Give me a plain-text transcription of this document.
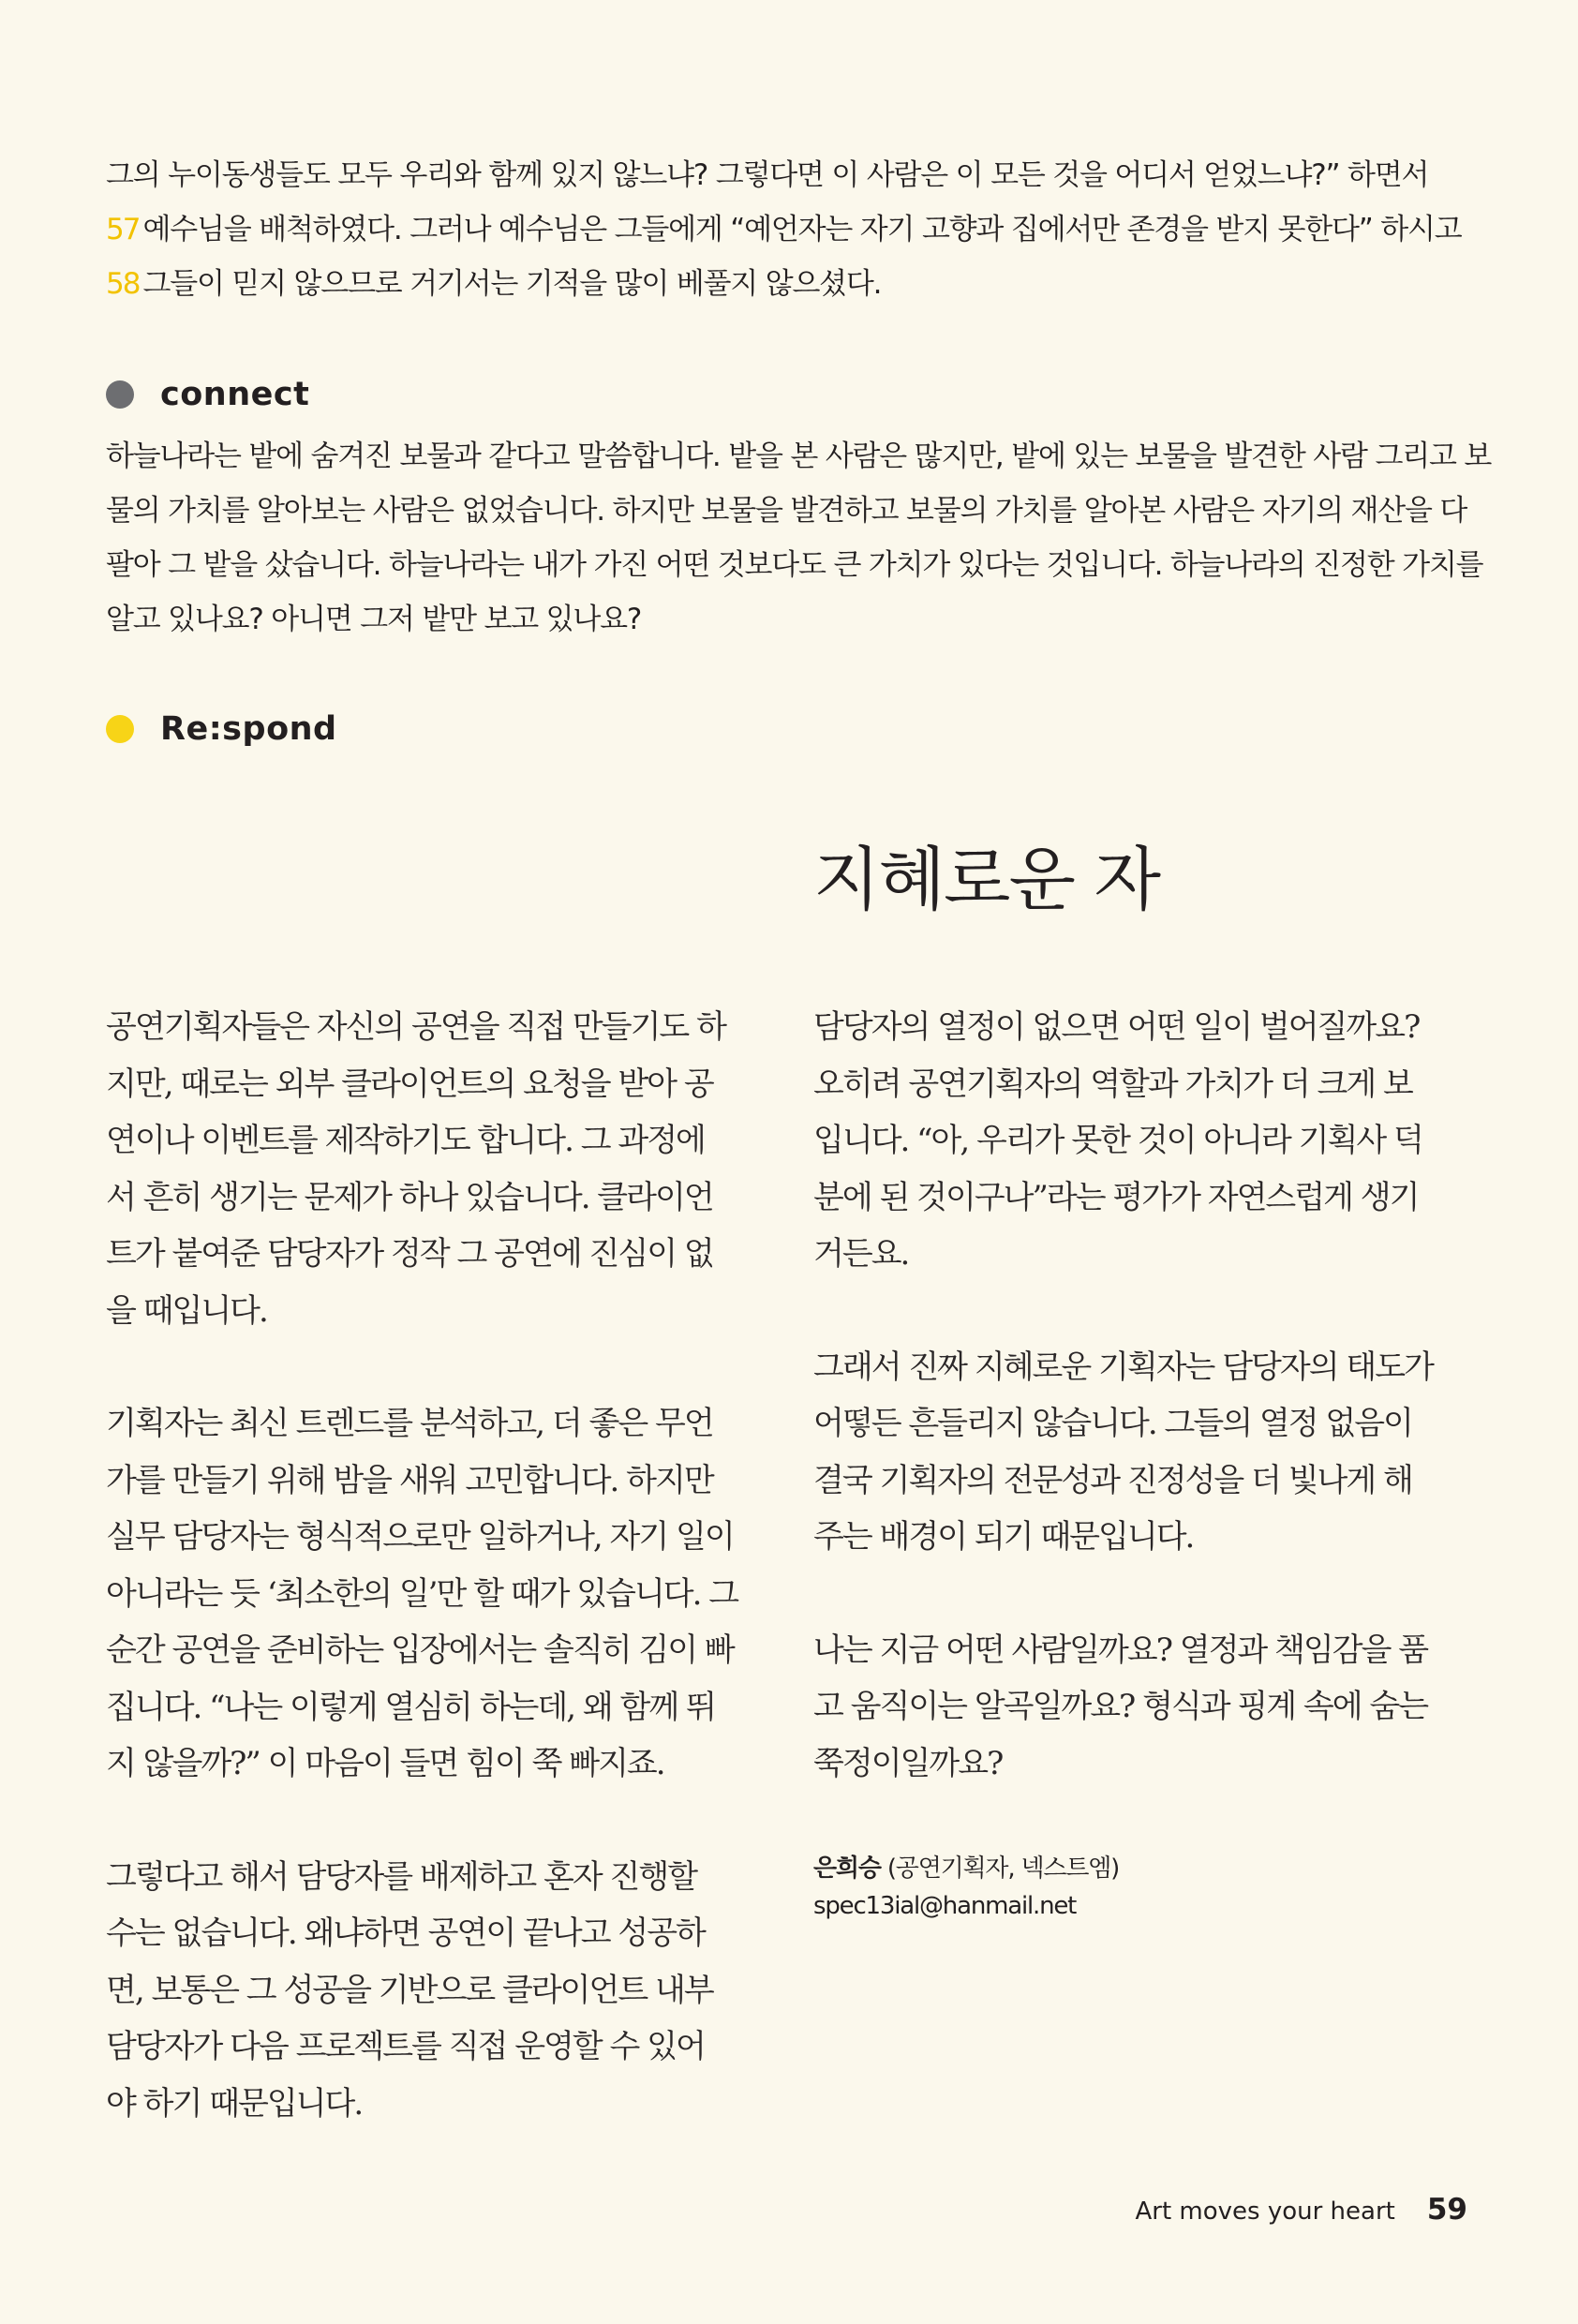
그의 누이동생들도 모두 우리와 함께 있지 않느냐? 그렇다면 이 사람은 이 모든 것을 어디서 얻었느냐?” 하면서
57 예수님을 배척하였다. 그러나 예수님은 그들에게 “예언자는 자기 고향과 집에서만 존경을 받지 못한다” 하시고
58 그들이 믿지 않으므로 거기서는 기적을 많이 베풀지 않으셨다.
connect
하늘나라는 밭에 숨겨진 보물과 같다고 말씀합니다. 밭을 본 사람은 많지만, 밭에 있는 보물을 발견한 사람 그리고 보
물의 가치를 알아보는 사람은 없었습니다. 하지만 보물을 발견하고 보물의 가치를 알아본 사람은 자기의 재산을 다
팔아 그 밭을 샀습니다. 하늘나라는 내가 가진 어떤 것보다도 큰 가치가 있다는 것입니다. 하늘나라의 진정한 가치를
알고 있나요? 아니면 그저 밭만 보고 있나요?
Re:spond
지혜로운 자
공연기획자들은 자신의 공연을 직접 만들기도 하
지만, 때로는 외부 클라이언트의 요청을 받아 공
연이나 이벤트를 제작하기도 합니다. 그 과정에
서 흔히 생기는 문제가 하나 있습니다. 클라이언
트가 붙여준 담당자가 정작 그 공연에 진심이 없
을 때입니다.
기획자는 최신 트렌드를 분석하고, 더 좋은 무언
가를 만들기 위해 밤을 새워 고민합니다. 하지만
실무 담당자는 형식적으로만 일하거나, 자기 일이
아니라는 듯 ‘최소한의 일’만 할 때가 있습니다. 그
순간 공연을 준비하는 입장에서는 솔직히 김이 빠
집니다. “나는 이렇게 열심히 하는데, 왜 함께 뛰
지 않을까?” 이 마음이 들면 힘이 쭉 빠지죠.
그렇다고 해서 담당자를 배제하고 혼자 진행할
수는 없습니다. 왜냐하면 공연이 끝나고 성공하
면, 보통은 그 성공을 기반으로 클라이언트 내부
담당자가 다음 프로젝트를 직접 운영할 수 있어
야 하기 때문입니다.
담당자의 열정이 없으면 어떤 일이 벌어질까요?
오히려 공연기획자의 역할과 가치가 더 크게 보
입니다. “아, 우리가 못한 것이 아니라 기획사 덕
분에 된 것이구나”라는 평가가 자연스럽게 생기
거든요.
그래서 진짜 지혜로운 기획자는 담당자의 태도가
어떻든 흔들리지 않습니다. 그들의 열정 없음이
결국 기획자의 전문성과 진정성을 더 빛나게 해
주는 배경이 되기 때문입니다.
나는 지금 어떤 사람일까요? 열정과 책임감을 품
고 움직이는 알곡일까요? 형식과 핑계 속에 숨는
쭉정이일까요?
은희승 (공연기획자, 넥스트엠)
spec13ial@hanmail.net
Art moves your heart 59
